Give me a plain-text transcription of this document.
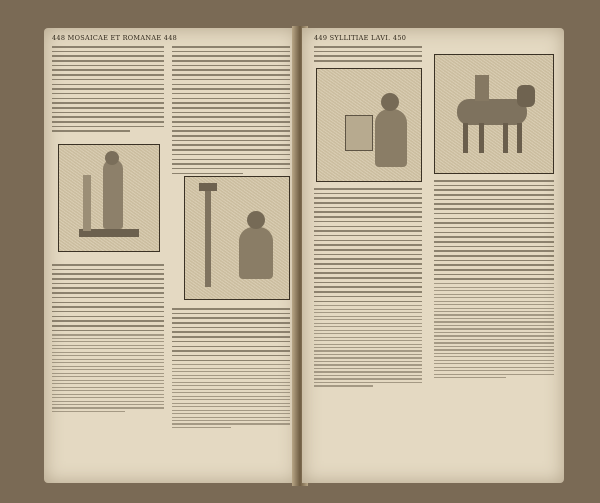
448 MOSAICAE ET ROMANAE 448	449 SYLLITIAE LAVI. 450
